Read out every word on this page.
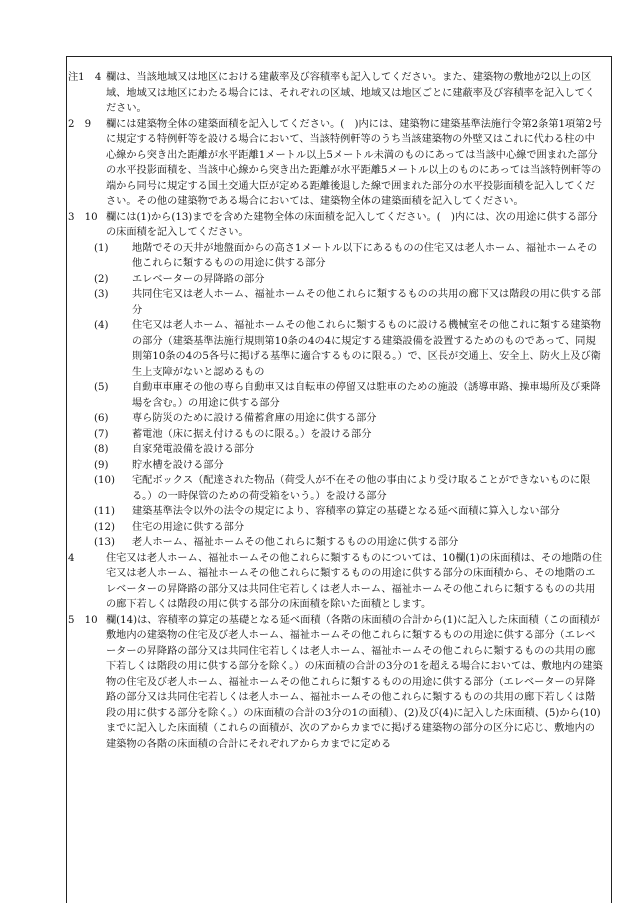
注1　4 欄は、当該地域又は地区における建蔽率及び容積率も記入してください。また、建築物の敷地が2以上の区域、地域又は地区にわたる場合には、それぞれの区域、地域又は地区ごとに建蔽率及び容積率を記入してください。

2　9 欄には建築物全体の建築面積を記入してください。(　)内には、建築物に建築基準法施行令第2条第1項第2号に規定する特例軒等を設ける場合において、当該特例軒等のうち当該建築物の外壁又はこれに代わる柱の中心線から突き出た距離が水平距離1メートル以上5メートル未満のものにあっては当該中心線で囲まれた部分の水平投影面積を、当該中心線から突き出た距離が水平距離5メートル以上のものにあっては当該特例軒等の端から同号に規定する国土交通大臣が定める距離後退した線で囲まれた部分の水平投影面積を記入してください。その他の建築物である場合においては、建築物全体の建築面積を記入してください。

3　10 欄には(1)から(13)までを含めた建物全体の床面積を記入してください。(　)内には、次の用途に供する部分の床面積を記入してください。

(1) 地階でその天井が地盤面からの高さ1メートル以下にあるものの住宅又は老人ホーム、福祉ホームその他これらに類するものの用途に供する部分

(2) エレベーターの昇降路の部分

(3) 共同住宅又は老人ホーム、福祉ホームその他これらに類するものの共用の廊下又は階段の用に供する部分

(4) 住宅又は老人ホーム、福祉ホームその他これらに類するものに設ける機械室その他これに類する建築物の部分（建築基準法施行規則第10条の4の4に規定する建築設備を設置するためのものであって、同規則第10条の4の5各号に掲げる基準に適合するものに限る。）で、区長が交通上、安全上、防火上及び衛生上支障がないと認めるもの

(5) 自動車車庫その他の専ら自動車又は自転車の停留又は駐車のための施設（誘導車路、操車場所及び乗降場を含む。）の用途に供する部分

(6) 専ら防災のために設ける備蓄倉庫の用途に供する部分

(7) 蓄電池（床に据え付けるものに限る。）を設ける部分

(8) 自家発電設備を設ける部分

(9) 貯水槽を設ける部分

(10) 宅配ボックス（配達された物品（荷受人が不在その他の事由により受け取ることができないものに限る。）の一時保管のための荷受箱をいう。）を設ける部分

(11) 建築基準法令以外の法令の規定により、容積率の算定の基礎となる延べ面積に算入しない部分

(12) 住宅の用途に供する部分

(13) 老人ホーム、福祉ホームその他これらに類するものの用途に供する部分

4	住宅又は老人ホーム、福祉ホームその他これらに類するものについては、10欄(1)の床面積は、その地階の住宅又は老人ホーム、福祉ホームその他これらに類するものの用途に供する部分の床面積から、その地階のエレベーターの昇降路の部分又は共同住宅若しくは老人ホーム、福祉ホームその他これらに類するものの共用の廊下若しくは階段の用に供する部分の床面積を除いた面積とします。

5　10 欄(14)は、容積率の算定の基礎となる延べ面積（各階の床面積の合計から(1)に記入した床面積（この面積が敷地内の建築物の住宅及び老人ホーム、福祉ホームその他これらに類するものの用途に供する部分（エレベーターの昇降路の部分又は共同住宅若しくは老人ホーム、福祉ホームその他これらに類するものの共用の廊下若しくは階段の用に供する部分を除く。）の床面積の合計の3分の1を超える場合においては、敷地内の建築物の住宅及び老人ホーム、福祉ホームその他これらに類するものの用途に供する部分（エレベーターの昇降路の部分又は共同住宅若しくは老人ホーム、福祉ホームその他これらに類するものの共用の廊下若しくは階段の用に供する部分を除く。）の床面積の合計の3分の1の面積）、(2)及び(4)に記入した床面積、(5)から(10)までに記入した床面積（これらの面積が、次のアからカまでに掲げる建築物の部分の区分に応じ、敷地内の建築物の各階の床面積の合計にそれぞれアからカまでに定める
